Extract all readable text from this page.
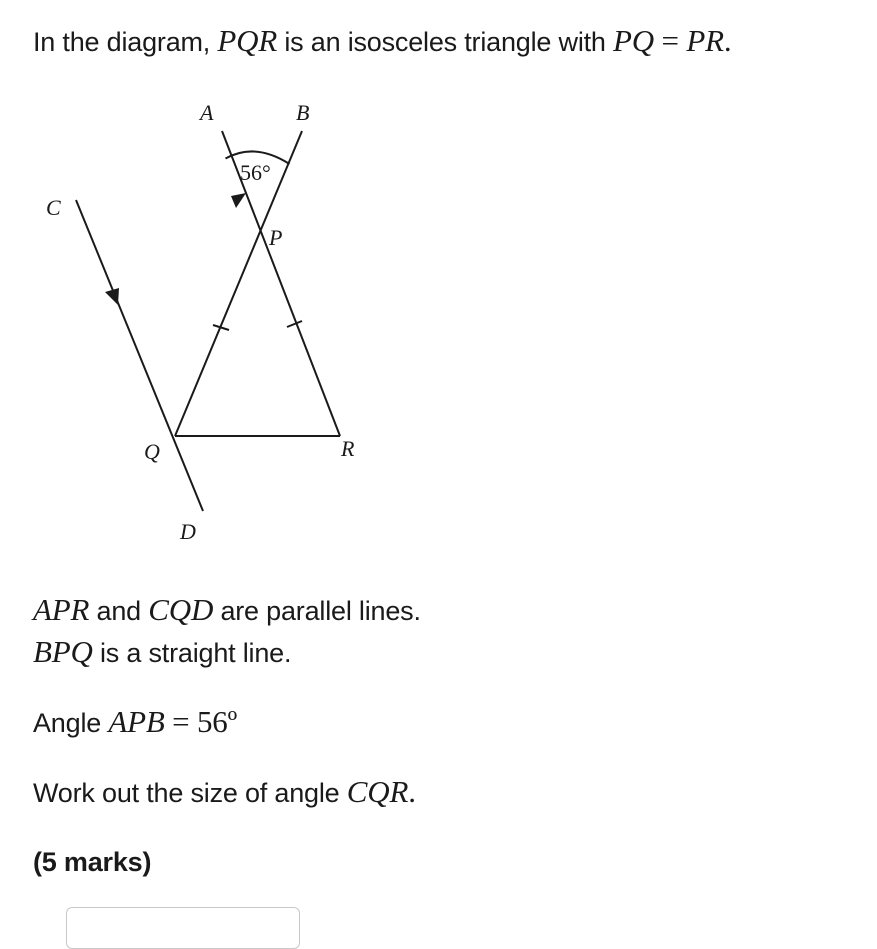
In the diagram, PQR is an isosceles triangle with PQ = PR.
A	B
C
D
P
Q	R
56°
APR and CQD are parallel lines.
BPQ is a straight line.
Angle APB = 56º
Work out the size of angle CQR.
(5 marks)
